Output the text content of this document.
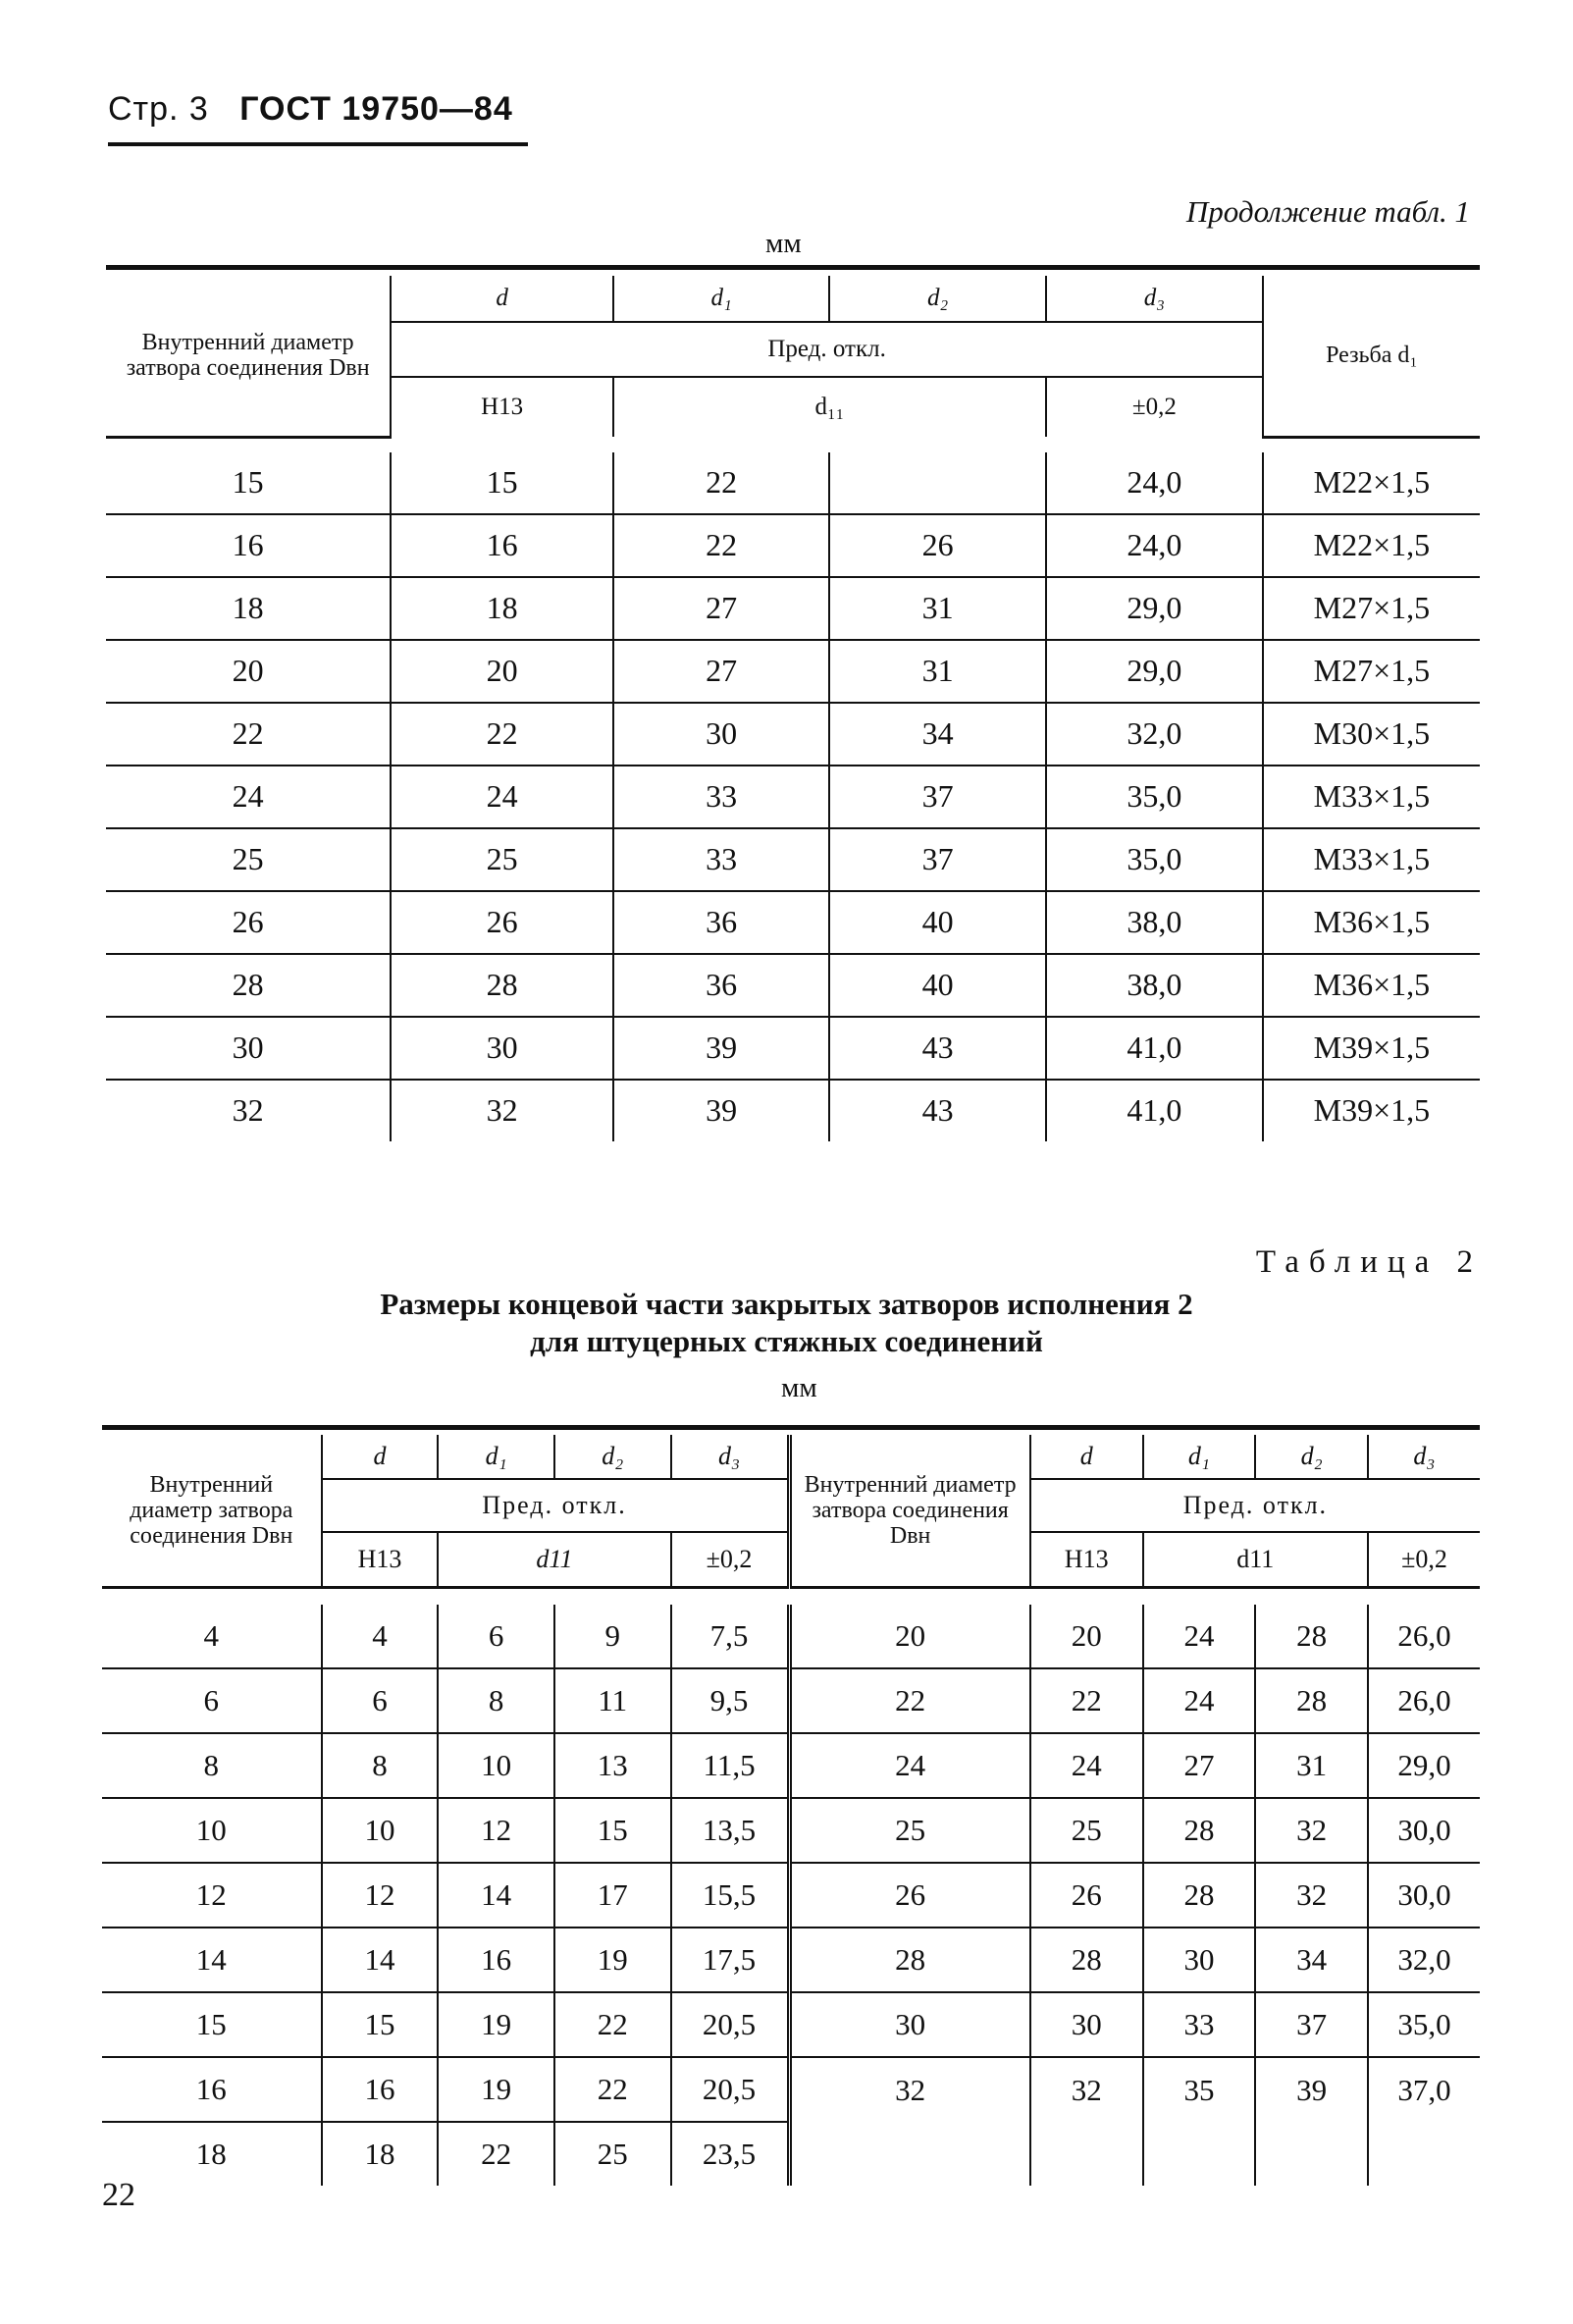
Стр. 3 ГОСТ 19750—84
Продолжение табл. 1
мм

Внутренний диаметр затвора соединения Dвн	d	d₁	d₂	d₃	Резьба d₁
	Пред. откл.				
	H13	d₁₁		±0,2	

15	15	22		24,0	M22×1,5
16	16	22	26	24,0	M22×1,5
18	18	27	31	29,0	M27×1,5
20	20	27	31	29,0	M27×1,5
22	22	30	34	32,0	M30×1,5
24	24	33	37	35,0	M33×1,5
25	25	33	37	35,0	M33×1,5
26	26	36	40	38,0	M36×1,5
28	28	36	40	38,0	M36×1,5
30	30	39	43	41,0	M39×1,5
32	32	39	43	41,0	M39×1,5
Таблица 2
Размеры концевой части закрытых затворов исполнения 2
для штуцерных стяжных соединений
мм

Внутренний диаметр затвора соединения Dвн	d	d₁	d₂	d₃	Внутренний диаметр затвора соединения Dвн	d	d₁	d₂	d₃
	Пред. откл.					Пред. откл.			
	H13	d11		±0,2		H13	d11		±0,2

4	4	6	9	7,5	20	20	24	28	26,0
6	6	8	11	9,5	22	22	24	28	26,0
8	8	10	13	11,5	24	24	27	31	29,0
10	10	12	15	13,5	25	25	28	32	30,0
12	12	14	17	15,5	26	26	28	32	30,0
14	14	16	19	17,5	28	28	30	34	32,0
15	15	19	22	20,5	30	30	33	37	35,0
16	16	19	22	20,5	32	32	35	39	37,0
18	18	22	25	23,5					
22
